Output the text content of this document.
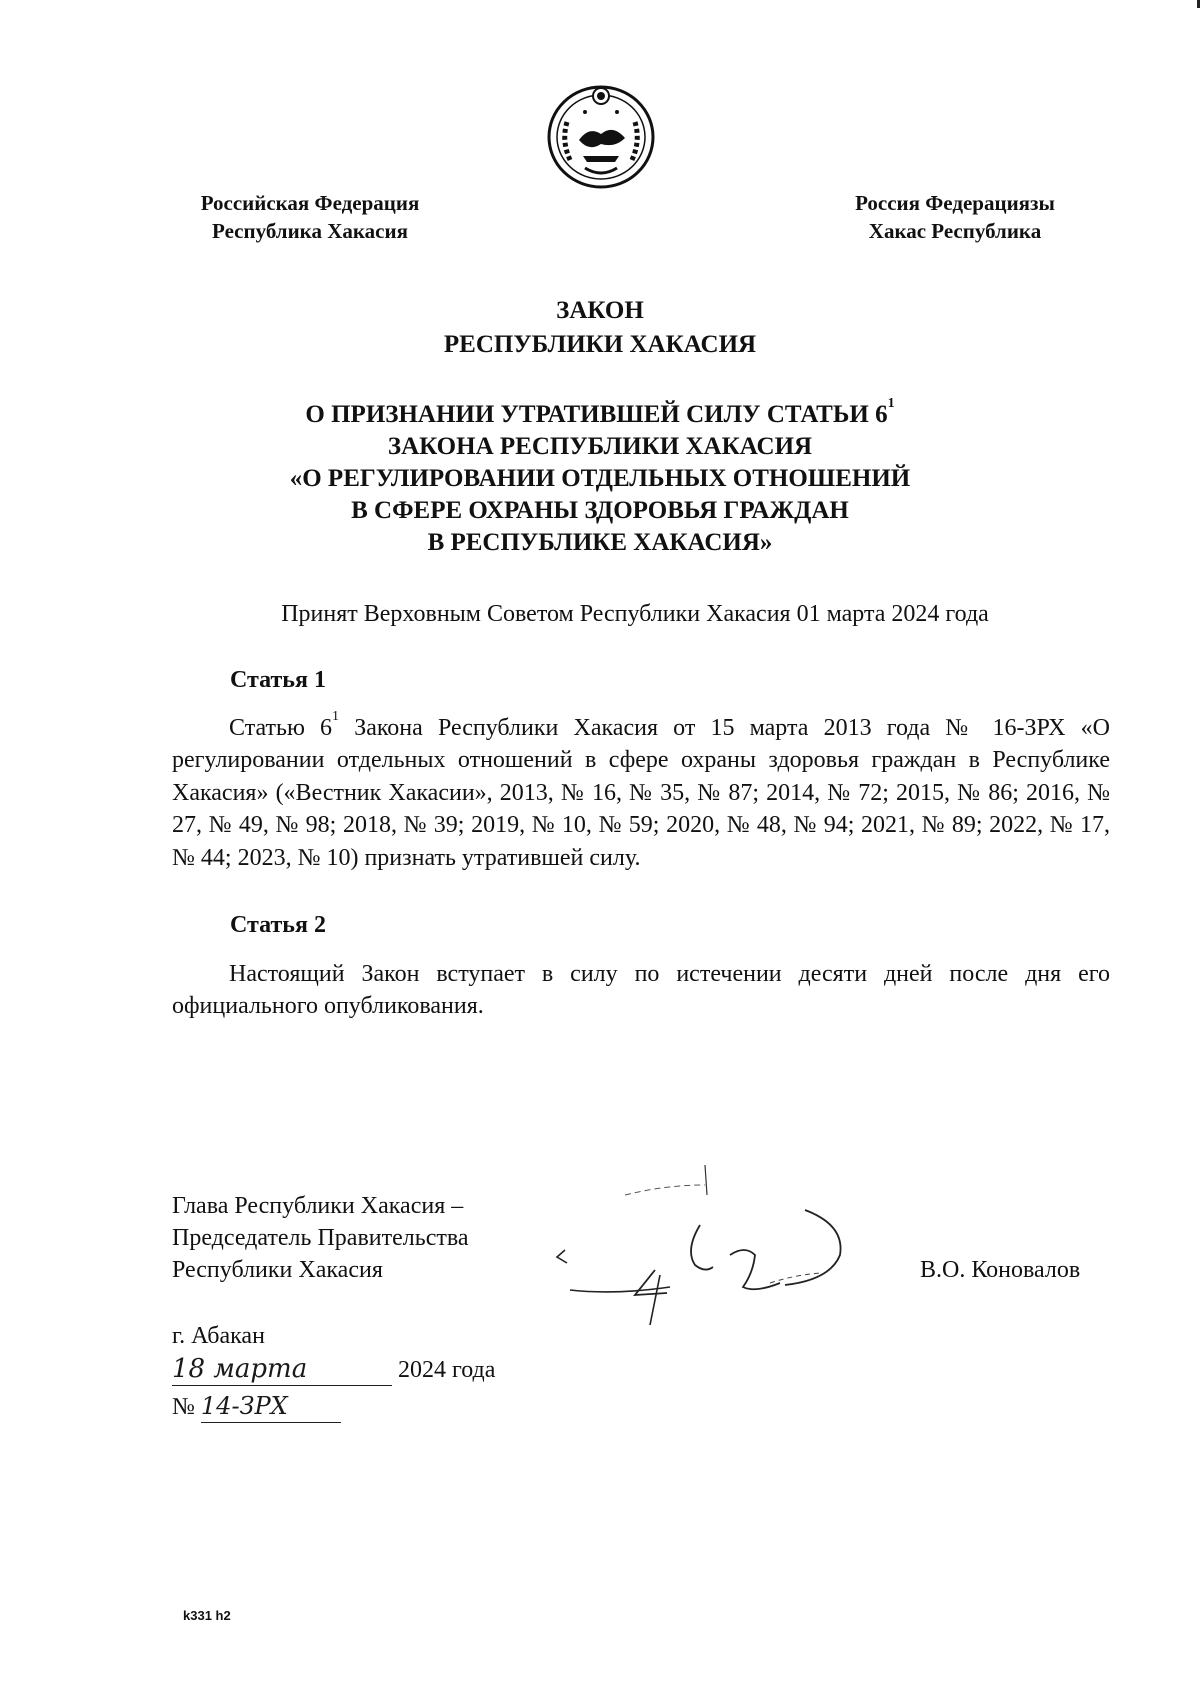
Российская Федерация
Республика Хакасия
Россия Федерациязы
Хакас Республика
ЗАКОН
РЕСПУБЛИКИ ХАКАСИЯ
О ПРИЗНАНИИ УТРАТИВШЕЙ СИЛУ СТАТЬИ $6^1$
ЗАКОНА РЕСПУБЛИКИ ХАКАСИЯ
«О РЕГУЛИРОВАНИИ ОТДЕЛЬНЫХ ОТНОШЕНИЙ
В СФЕРЕ ОХРАНЫ ЗДОРОВЬЯ ГРАЖДАН
В РЕСПУБЛИКЕ ХАКАСИЯ»
Принят Верховным Советом Республики Хакасия 01 марта 2024 года
Статья 1
Статью $6^1$ Закона Республики Хакасия от 15 марта 2013 года № 16-ЗРХ «О регулировании отдельных отношений в сфере охраны здоровья граждан в Республике Хакасия» («Вестник Хакасии», 2013, № 16, № 35, № 87; 2014, № 72; 2015, № 86; 2016, № 27, № 49, № 98; 2018, № 39; 2019, № 10, № 59; 2020, № 48, № 94; 2021, № 89; 2022, № 17, № 44; 2023, № 10) признать утратившей силу.
Статья 2
Настоящий Закон вступает в силу по истечении десяти дней после дня его официального опубликования.
Глава Республики Хакасия –
Председатель Правительства
Республики Хакасия	В.О. Коновалов
г. Абакан
18 марта	2024 года
№ 14-ЗРХ
k331 h2
